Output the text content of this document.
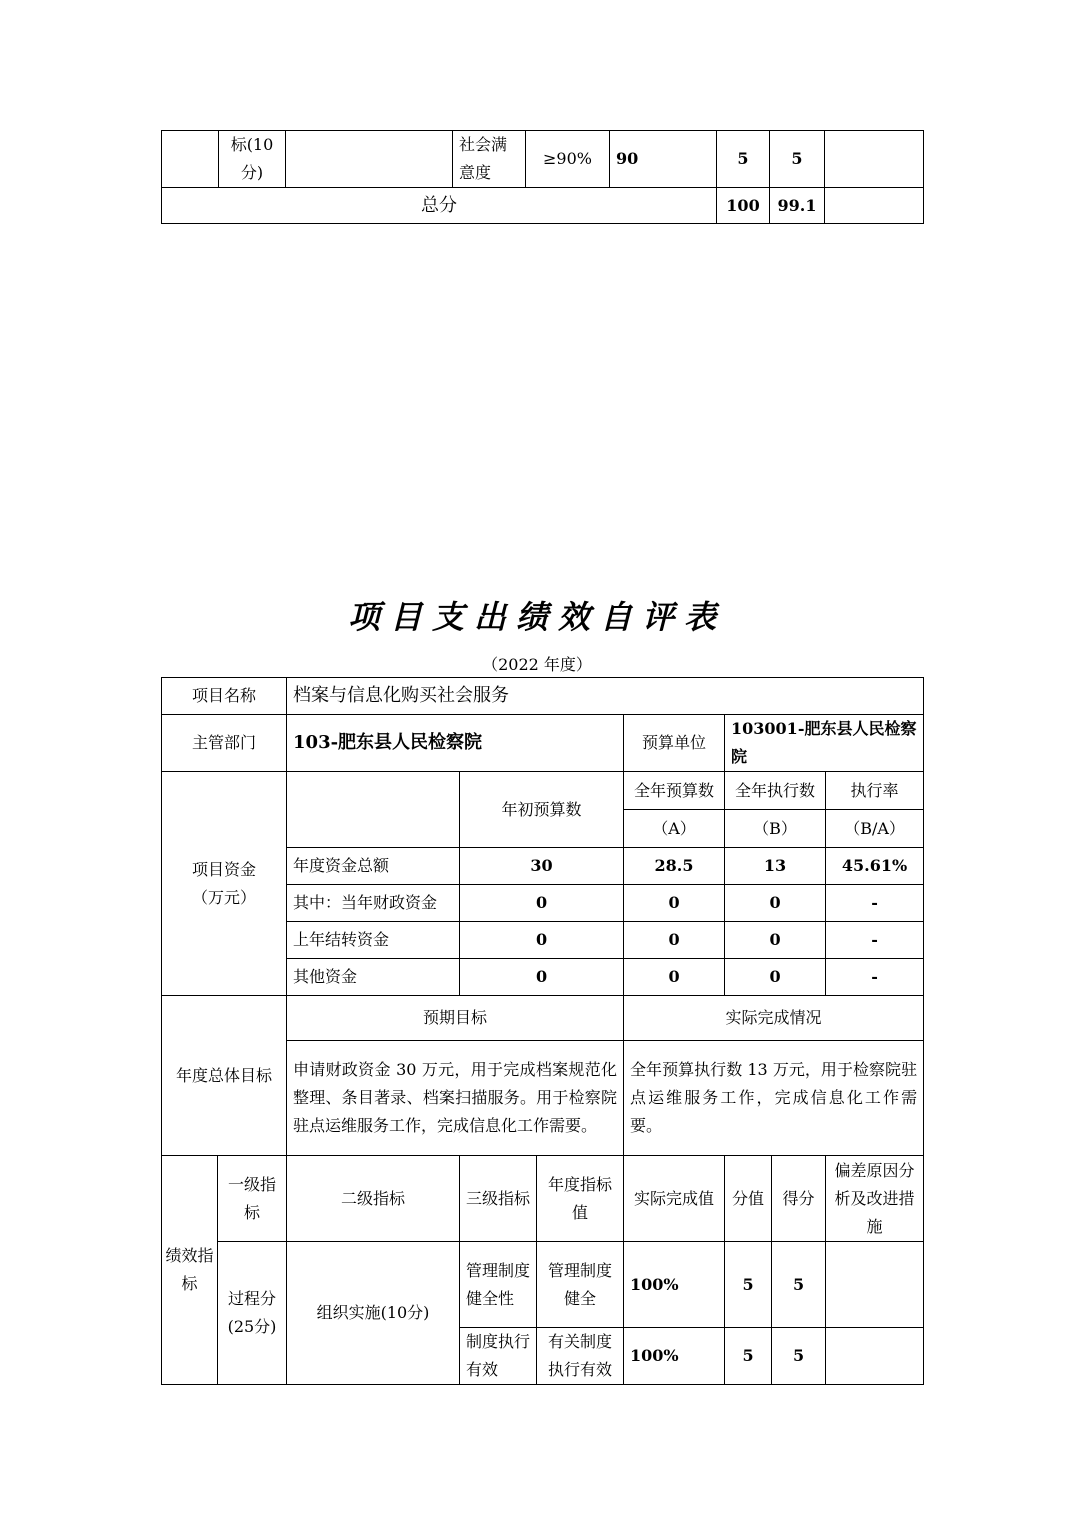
	标(10分)		社会满意度	≥90%	90	5	5	
总分						100	99.1	
项目支出绩效自评表
（2022 年度）
项目名称		档案与信息化购买社会服务						
主管部门		103-肥东县人民检察院			预算单位	103001-肥东县人民检察院		
项目资金
（万元）			年初预算数		全年预算数	全年执行数		执行率
					（A）	（B）		（B/A）
		年度资金总额	30		28.5	13		45.61%
		其中：当年财政资金	0		0	0		-
		上年结转资金	0		0	0		-
		其他资金	0		0	0		-
年度总体目标		预期目标			实际完成情况			
		申请财政资金 30 万元，用于完成档案规范化整理、条目著录、档案扫描服务。用于检察院驻点运维服务工作，完成信息化工作需要。			全年预算执行数 13 万元，用于检察院驻点运维服务工作，完成信息化工作需要。			
绩效指标	一级指标	二级指标	三级指标	年度指标值	实际完成值	分值	得分	偏差原因分析及改进措施
	过程分(25分)	组织实施(10分)	管理制度健全性	管理制度健全	100%	5	5	
			制度执行有效	有关制度执行有效	100%	5	5	
